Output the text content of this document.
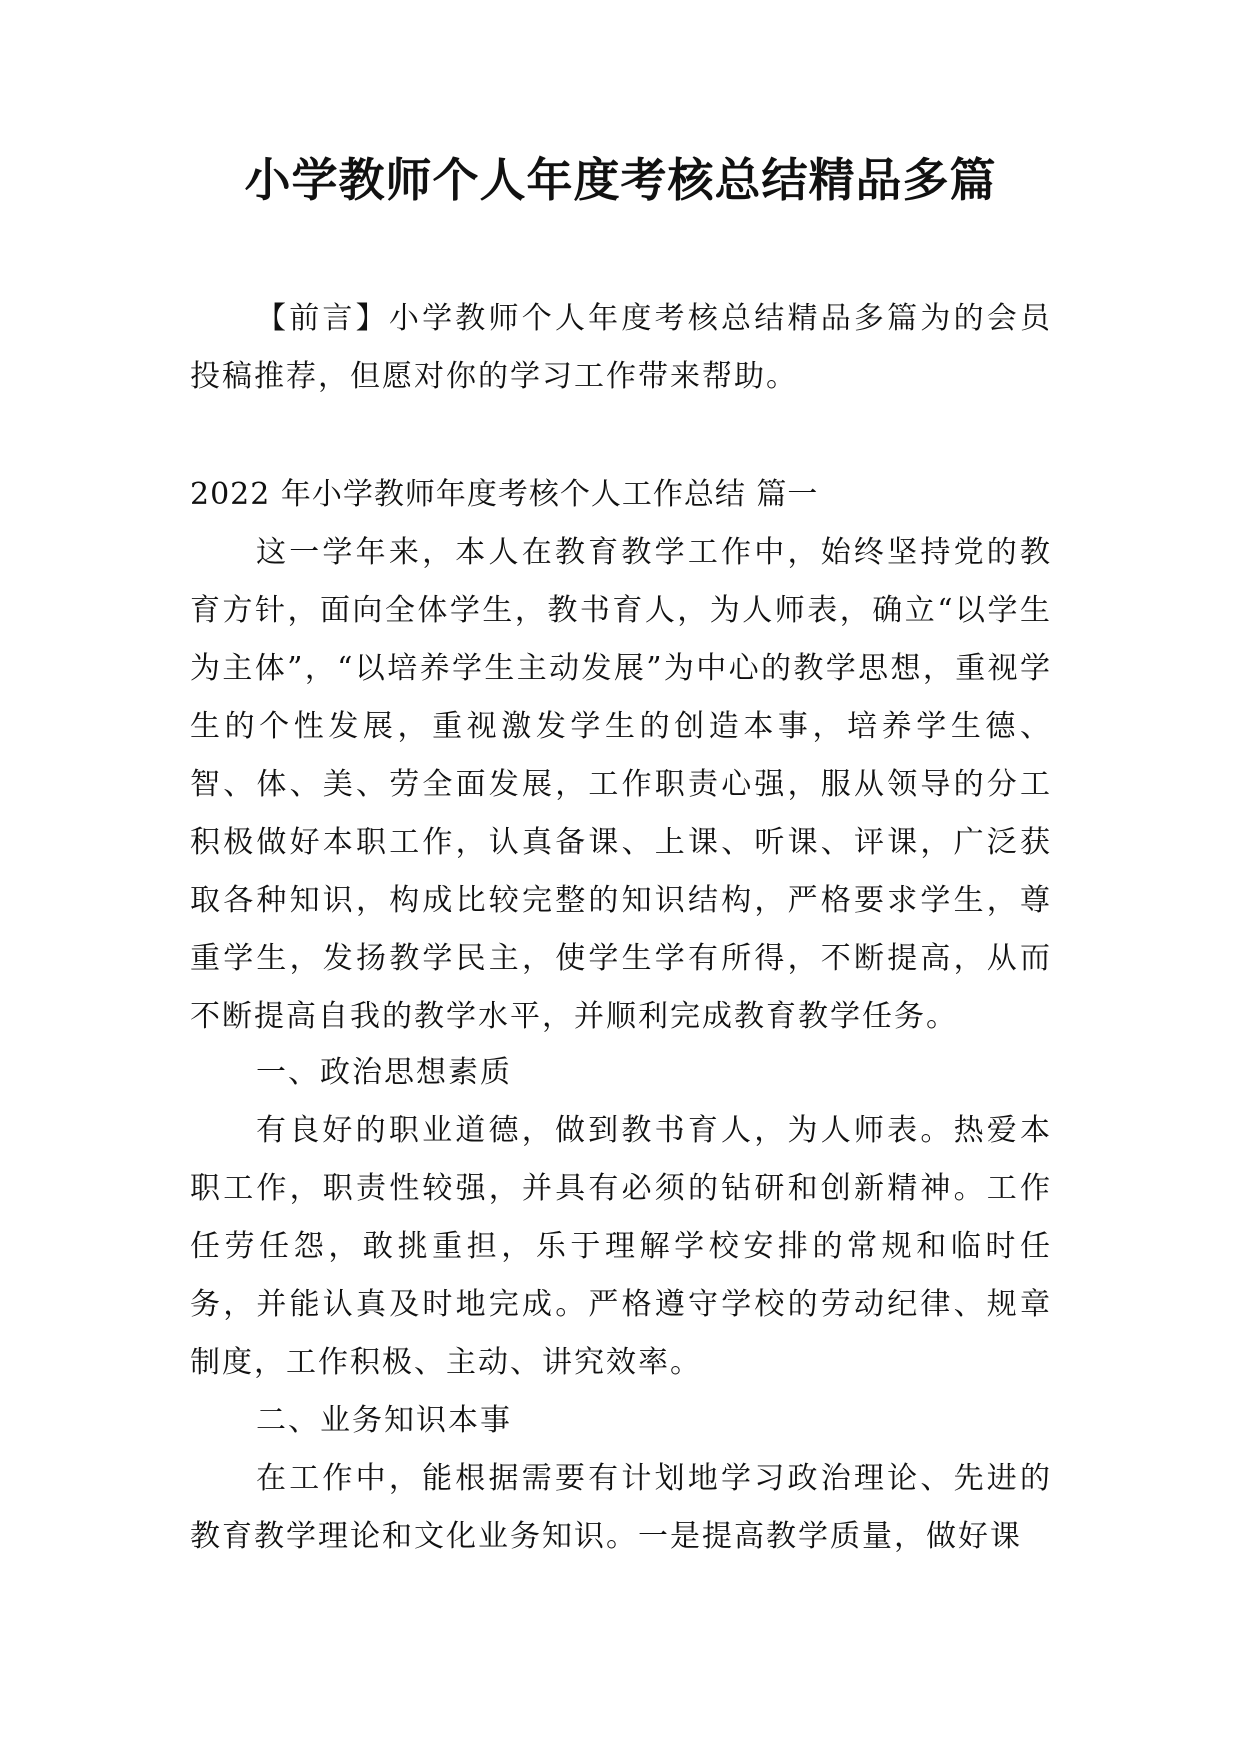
小学教师个人年度考核总结精品多篇

【前言】小学教师个人年度考核总结精品多篇为的会员投稿推荐，但愿对你的学习工作带来帮助。

2022 年小学教师年度考核个人工作总结 篇一

这一学年来，本人在教育教学工作中，始终坚持党的教育方针，面向全体学生，教书育人，为人师表，确立“以学生为主体”，“以培养学生主动发展”为中心的教学思想，重视学生的个性发展，重视激发学生的创造本事，培养学生德、智、体、美、劳全面发展，工作职责心强，服从领导的分工积极做好本职工作，认真备课、上课、听课、评课，广泛获取各种知识，构成比较完整的知识结构，严格要求学生，尊重学生，发扬教学民主，使学生学有所得，不断提高，从而不断提高自我的教学水平，并顺利完成教育教学任务。

一、政治思想素质

有良好的职业道德，做到教书育人，为人师表。热爱本职工作，职责性较强，并具有必须的钻研和创新精神。工作任劳任怨，敢挑重担，乐于理解学校安排的常规和临时任务，并能认真及时地完成。严格遵守学校的劳动纪律、规章制度，工作积极、主动、讲究效率。

二、业务知识本事

在工作中，能根据需要有计划地学习政治理论、先进的教育教学理论和文化业务知识。一是提高教学质量，做好课
